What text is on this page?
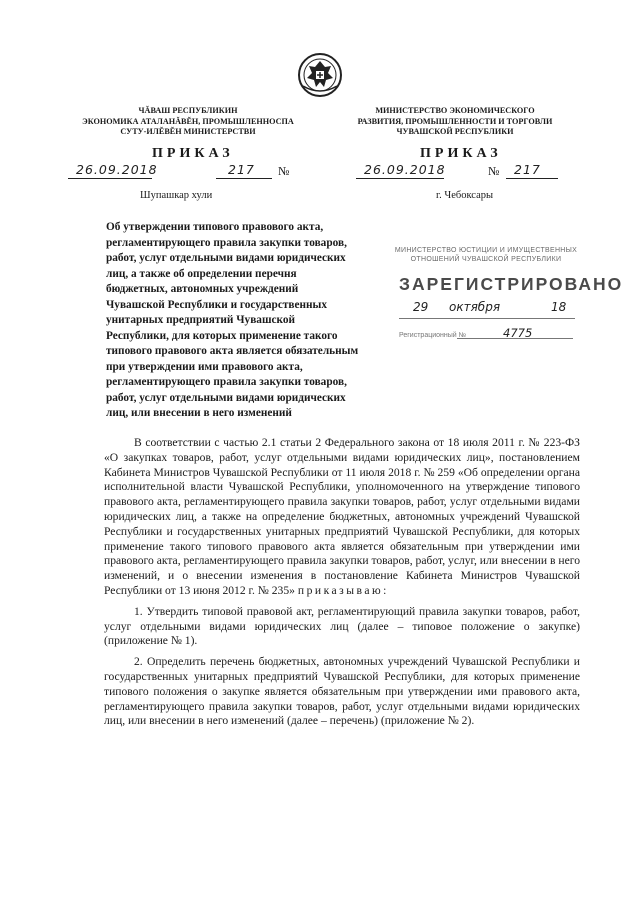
ЧĂВАШ РЕСПУБЛИКИН
ЭКОНОМИКА АТАЛАНĂВĔН, ПРОМЫШЛЕННОСПА
СУТУ-ИЛĔВĔН МИНИСТЕРСТВИ
МИНИСТЕРСТВО ЭКОНОМИЧЕСКОГО
РАЗВИТИЯ, ПРОМЫШЛЕННОСТИ И ТОРГОВЛИ
ЧУВАШСКОЙ РЕСПУБЛИКИ
ПРИКАЗ	ПРИКАЗ
26.09.2018	217 №	26.09.2018	№ 217
Шупашкар хули	г. Чебоксары
Об утверждении типового правового акта,
регламентирующего правила закупки товаров,
работ, услуг отдельными видами юридических
лиц, а также об определении перечня
бюджетных, автономных учреждений
Чувашской Республики и государственных
унитарных предприятий Чувашской
Республики, для которых применение такого
типового правового акта является обязательным
при утверждении ими правового акта,
регламентирующего правила закупки товаров,
работ, услуг отдельными видами юридических
лиц, или внесении в него изменений
МИНИСТЕРСТВО ЮСТИЦИИ И ИМУЩЕСТВЕННЫХ
ОТНОШЕНИЙ ЧУВАШСКОЙ РЕСПУБЛИКИ
ЗАРЕГИСТРИРОВАНО
29 октября	18
Регистрационный №	4775

В соответствии с частью 2.1 статьи 2 Федерального закона от 18 июля 2011 г. № 223-ФЗ «О закупках товаров, работ, услуг отдельными видами юридических лиц», постановлением Кабинета Министров Чувашской Республики от 11 июля 2018 г. № 259 «Об определении органа исполнительной власти Чувашской Республики, уполномоченного на утверждение типового правового акта, регламентирующего правила закупки товаров, работ, услуг отдельными видами юридических лиц, а также на определение бюджетных, автономных учреждений Чувашской Республики и государственных унитарных предприятий Чувашской Республики, для которых применение такого типового правового акта является обязательным при утверждении ими правового акта, регламентирующего правила закупки товаров, работ, услуг, или внесении в него изменений, и о внесении изменения в постановление Кабинета Министров Чувашской Республики от 13 июня 2012 г. № 235» приказываю:

1. Утвердить типовой правовой акт, регламентирующий правила закупки товаров, работ, услуг отдельными видами юридических лиц (далее – типовое положение о закупке) (приложение № 1).

2. Определить перечень бюджетных, автономных учреждений Чувашской Республики и государственных унитарных предприятий Чувашской Республики, для которых применение типового положения о закупке является обязательным при утверждении ими правового акта, регламентирующего правила закупки товаров, работ, услуг отдельными видами юридических лиц, или внесении в него изменений (далее – перечень) (приложение № 2).
